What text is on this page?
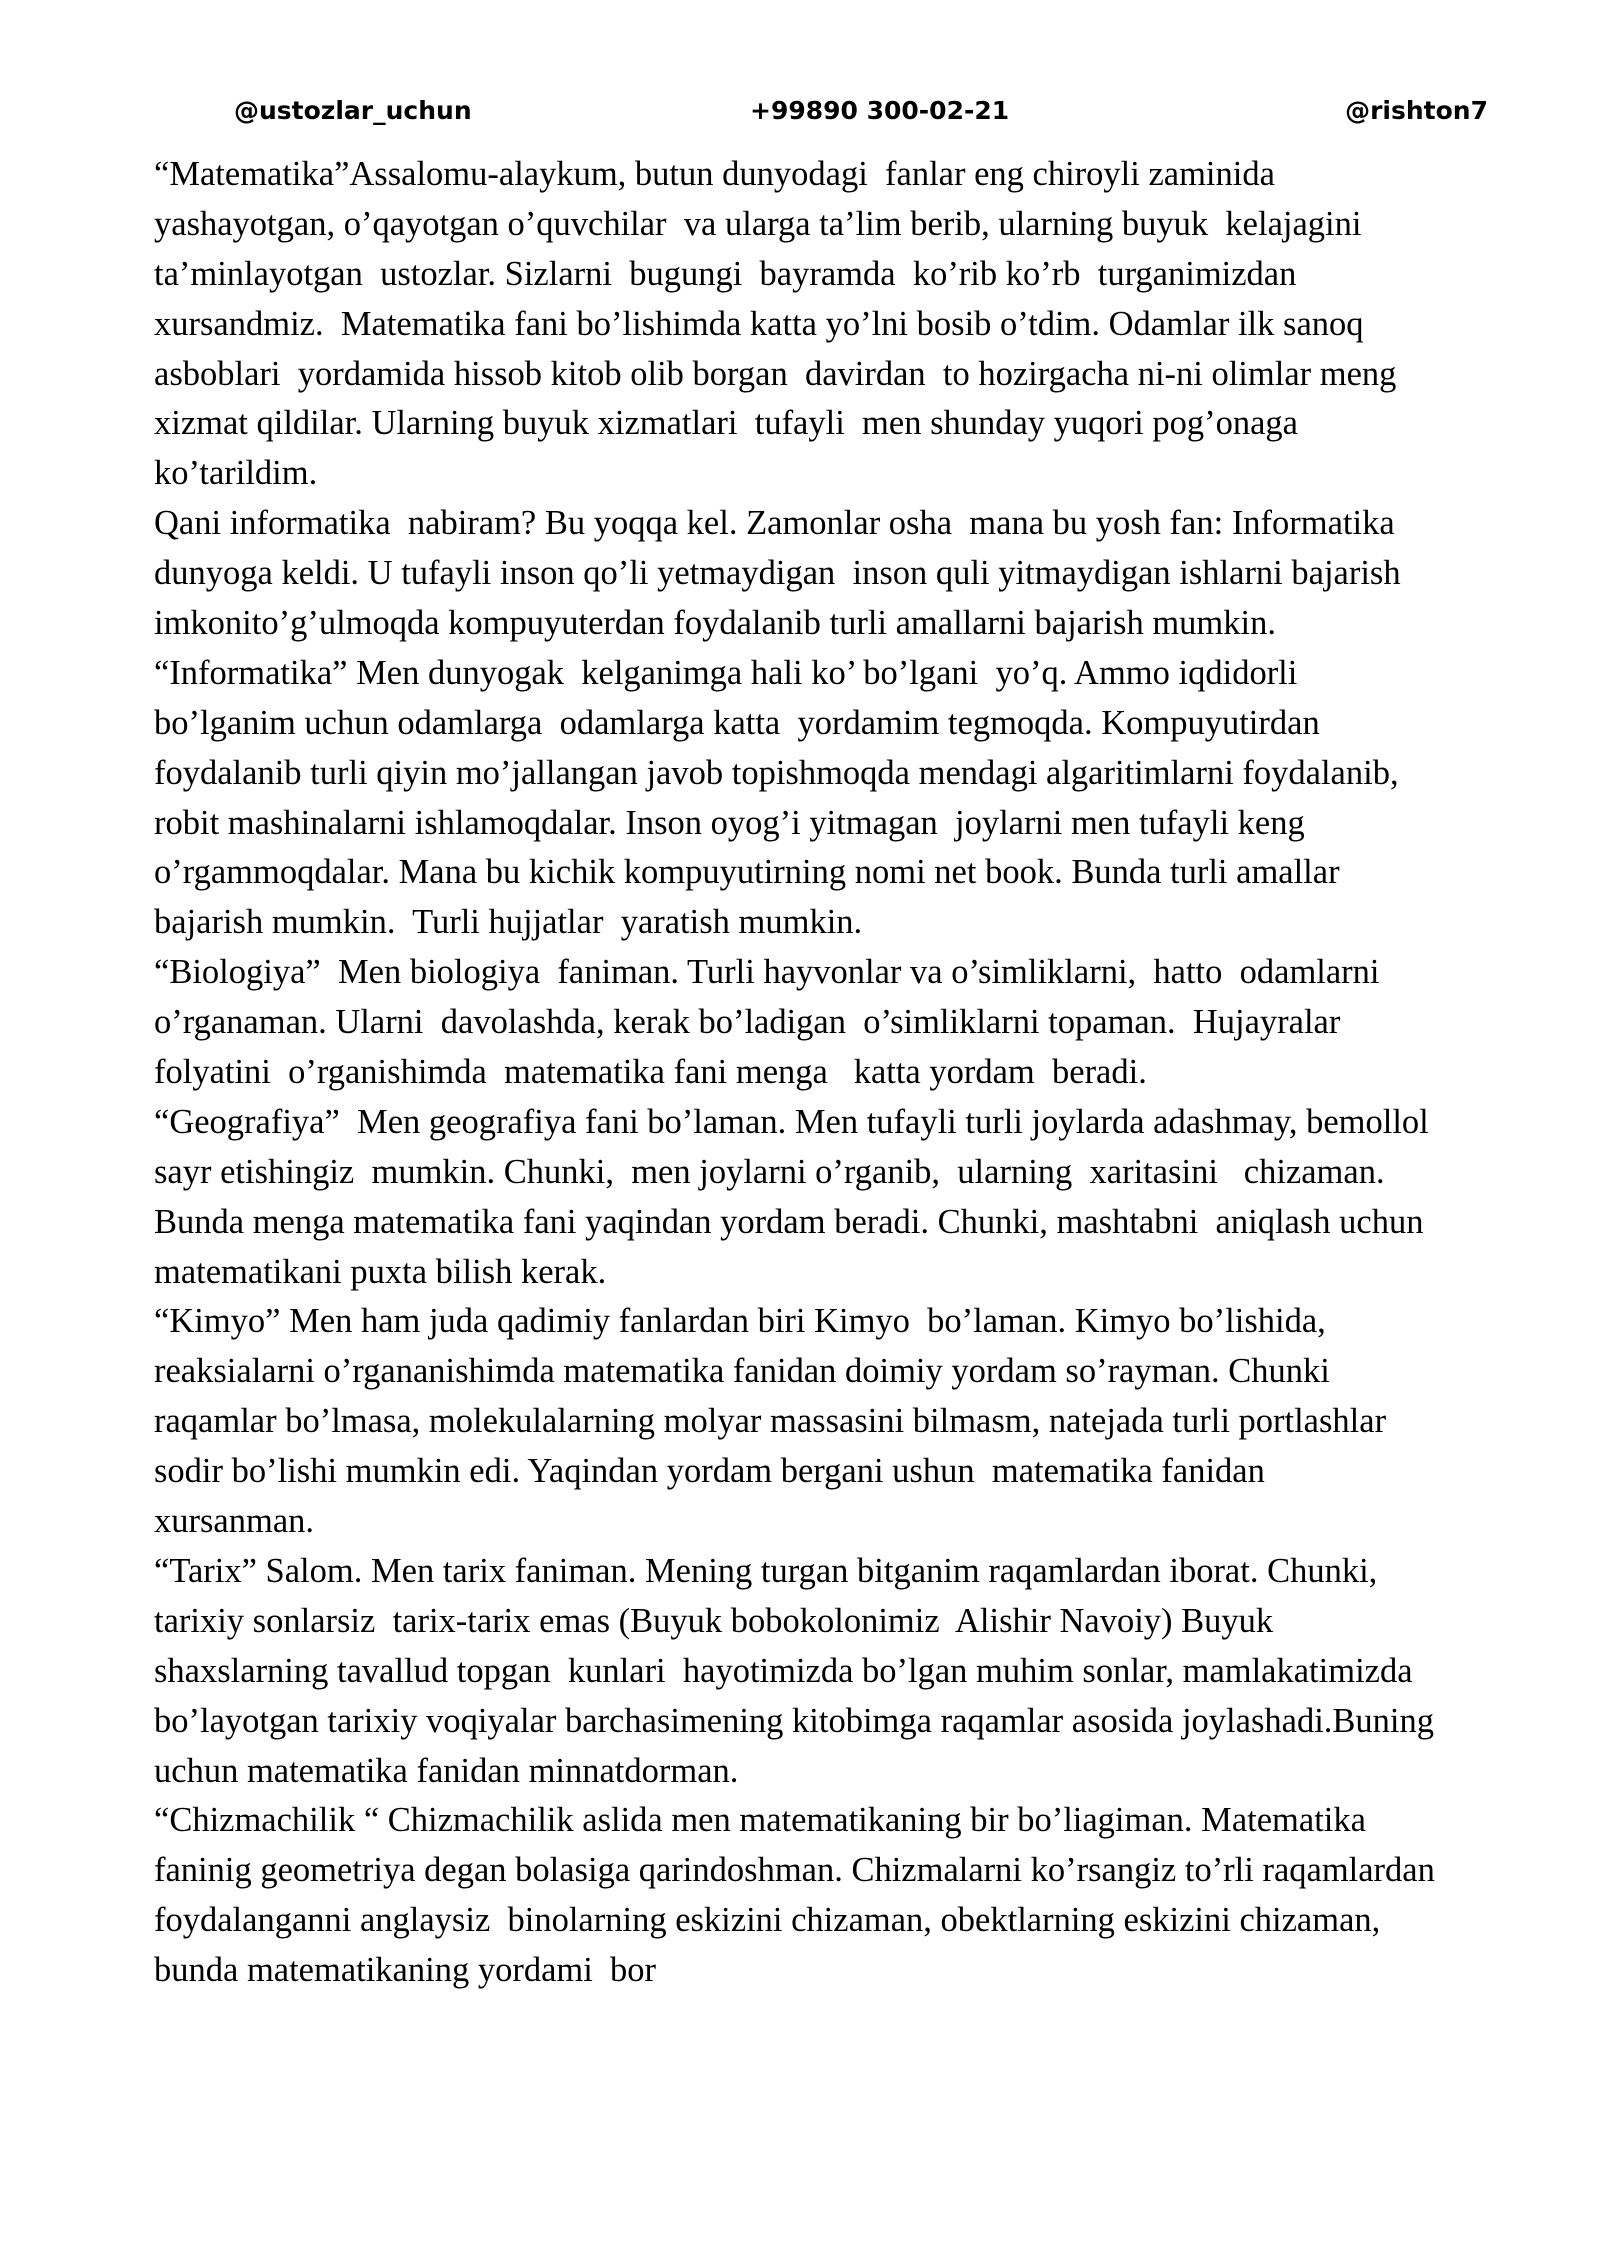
@ustozlar_uchun	+99890 300-02-21	@rishton7
“Matematika”Assalomu-alaykum, butun dunyodagi  fanlar eng chiroyli zaminida
yashayotgan, o’qayotgan o’quvchilar  va ularga ta’lim berib, ularning buyuk  kelajagini
ta’minlayotgan  ustozlar. Sizlarni  bugungi  bayramda  ko’rib ko’rb  turganimizdan
xursandmiz.  Matematika fani bo’lishimda katta yo’lni bosib o’tdim. Odamlar ilk sanoq
asboblari  yordamida hissob kitob olib borgan  davirdan  to hozirgacha ni-ni olimlar meng
xizmat qildilar. Ularning buyuk xizmatlari  tufayli  men shunday yuqori pog’onaga
ko’tarildim.
Qani informatika  nabiram? Bu yoqqa kel. Zamonlar osha  mana bu yosh fan: Informatika
dunyoga keldi. U tufayli inson qo’li yetmaydigan  inson quli yitmaydigan ishlarni bajarish
imkonito’g’ulmoqda kompuyuterdan foydalanib turli amallarni bajarish mumkin.
“Informatika” Men dunyogak  kelganimga hali ko’ bo’lgani  yo’q. Ammo iqdidorli
bo’lganim uchun odamlarga  odamlarga katta  yordamim tegmoqda. Kompuyutirdan
foydalanib turli qiyin mo’jallangan javob topishmoqda mendagi algaritimlarni foydalanib,
robit mashinalarni ishlamoqdalar. Inson oyog’i yitmagan  joylarni men tufayli keng
o’rgammoqdalar. Mana bu kichik kompuyutirning nomi net book. Bunda turli amallar
bajarish mumkin.  Turli hujjatlar  yaratish mumkin.
“Biologiya”  Men biologiya  faniman. Turli hayvonlar va o’simliklarni,  hatto  odamlarni
o’rganaman. Ularni  davolashda, kerak bo’ladigan  o’simliklarni topaman.  Hujayralar
folyatini  o’rganishimda  matematika fani menga   katta yordam  beradi.
“Geografiya”  Men geografiya fani bo’laman. Men tufayli turli joylarda adashmay, bemollol
sayr etishingiz  mumkin. Chunki,  men joylarni o’rganib,  ularning  xaritasini   chizaman.
Bunda menga matematika fani yaqindan yordam beradi. Chunki, mashtabni  aniqlash uchun
matematikani puxta bilish kerak.
“Kimyo” Men ham juda qadimiy fanlardan biri Kimyo  bo’laman. Kimyo bo’lishida,
reaksialarni o’rgananishimda matematika fanidan doimiy yordam so’rayman. Chunki
raqamlar bo’lmasa, molekulalarning molyar massasini bilmasm, natejada turli portlashlar
sodir bo’lishi mumkin edi. Yaqindan yordam bergani ushun  matematika fanidan
xursanman.
“Tarix” Salom. Men tarix faniman. Mening turgan bitganim raqamlardan iborat. Chunki,
tarixiy sonlarsiz  tarix-tarix emas (Buyuk bobokolonimiz  Alishir Navoiy) Buyuk
shaxslarning tavallud topgan  kunlari  hayotimizda bo’lgan muhim sonlar, mamlakatimizda
bo’layotgan tarixiy voqiyalar barchasimening kitobimga raqamlar asosida joylashadi.Buning
uchun matematika fanidan minnatdorman.
“Chizmachilik “ Chizmachilik aslida men matematikaning bir bo’liagiman. Matematika
faninig geometriya degan bolasiga qarindoshman. Chizmalarni ko’rsangiz to’rli raqamlardan
foydalanganni anglaysiz  binolarning eskizini chizaman, obektlarning eskizini chizaman,
bunda matematikaning yordami  bor
